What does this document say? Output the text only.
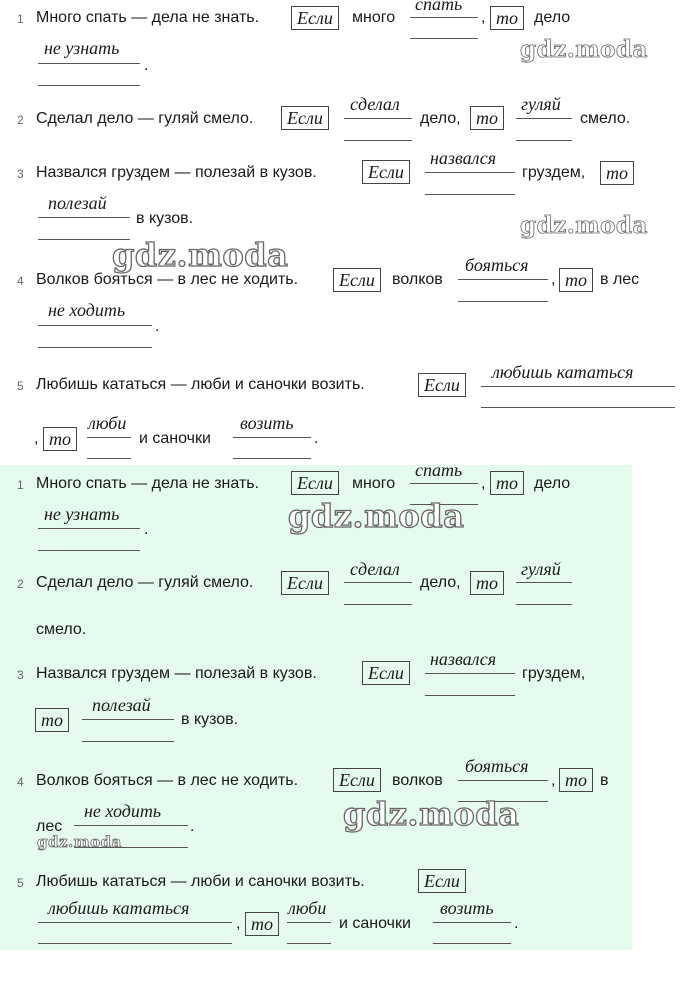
1 Много спать — дела не знать.	Если	много
спать
, то	дело
не узнать
.
gdz.moda
2 Сделал дело — гуляй смело.	Если
сделал
дело, то
гуляй
смело.
3 Назвался груздем — полезай в кузов.	Если
назвался
груздем,	то
полезай
в кузов.	gdz.moda
gdz.moda
4 Волков бояться — в лес не ходить.	Если	волков
бояться
, то в лес
не ходить
.
5 Любишь кататься — люби и саночки возить.	Если
любишь кататься
, то
люби
и саночки
возить
.
1 Много спать — дела не знать.	Если	много
спать
, то	дело
не узнать
.	gdz.moda
2 Сделал дело — гуляй смело.	Если
сделал
дело, то
гуляй
смело.
3 Назвался груздем — полезай в кузов.	Если
назвался
груздем,
то
полезай
в кузов.
4 Волков бояться — в лес не ходить.	Если	волков
бояться
, то в
лес
не ходить
.	gdz.moda
gdz.moda
5 Любишь кататься — люби и саночки возить.	Если
любишь кататься
, то
люби
и саночки
возить
.
